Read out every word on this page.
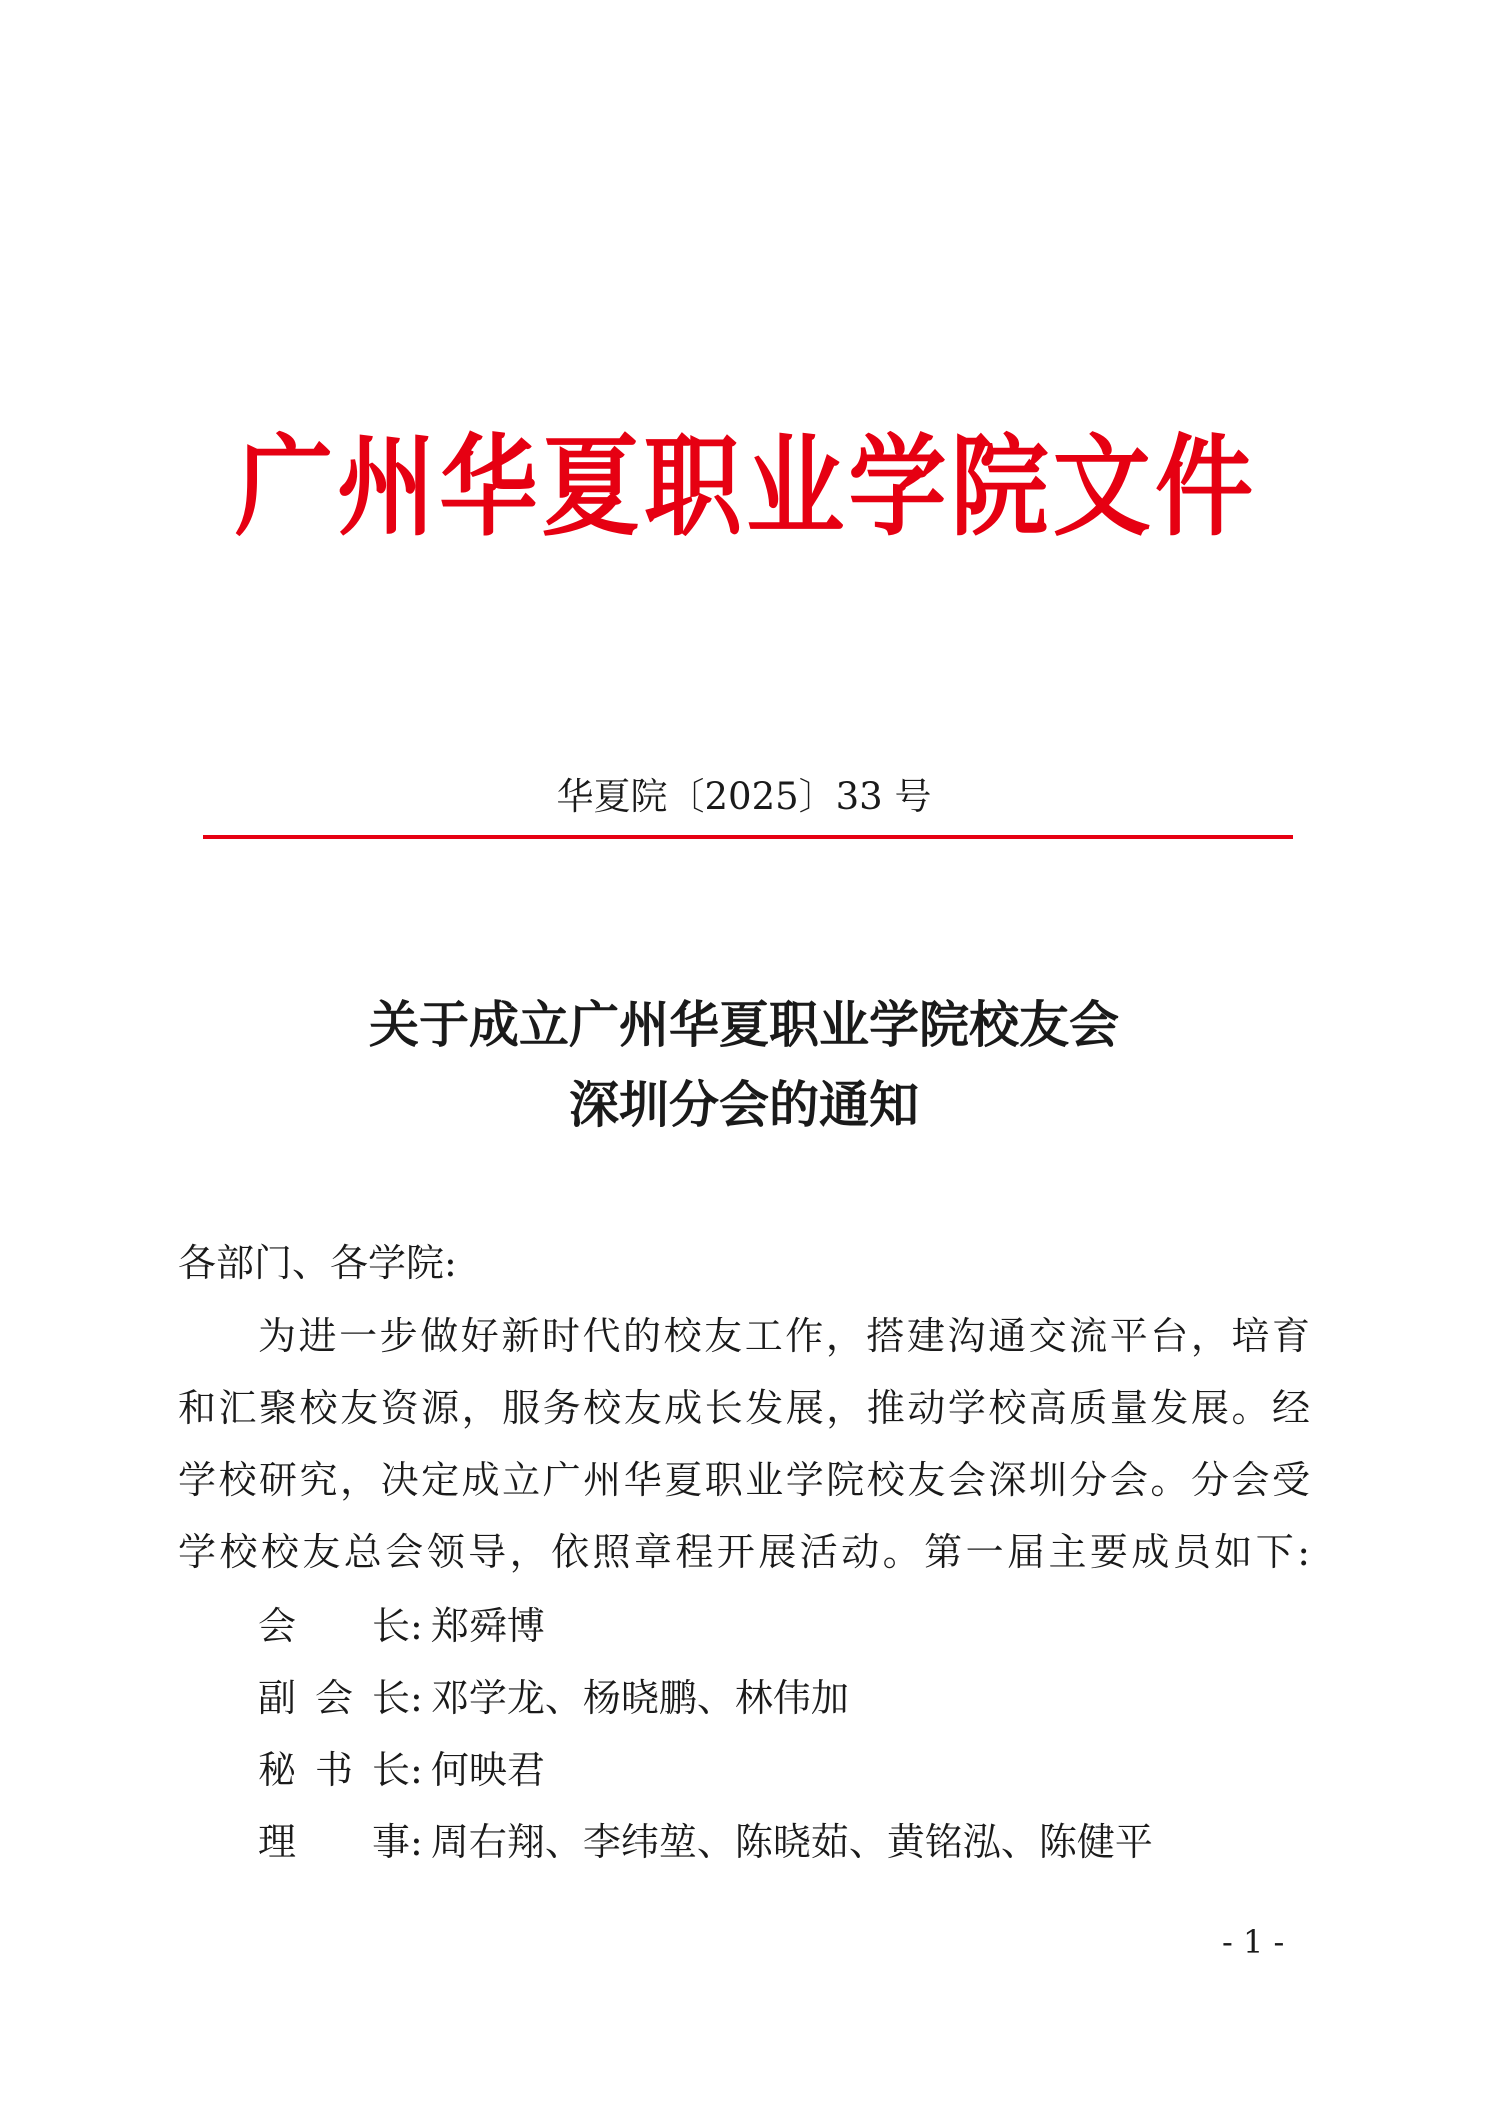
广州华夏职业学院文件
华夏院〔2025〕33 号
关于成立广州华夏职业学院校友会
深圳分会的通知
各部门、各学院:
为进一步做好新时代的校友工作，搭建沟通交流平台，培育
和汇聚校友资源，服务校友成长发展，推动学校高质量发展。经
学校研究，决定成立广州华夏职业学院校友会深圳分会。分会受
学校校友总会领导，依照章程开展活动。第一届主要成员如下:
会长 : 郑舜博
副会长 : 邓学龙、杨晓鹏、林伟加
秘书长 : 何映君
理事 : 周右翔、李纬堃、陈晓茹、黄铭泓、陈健平
- 1 -
